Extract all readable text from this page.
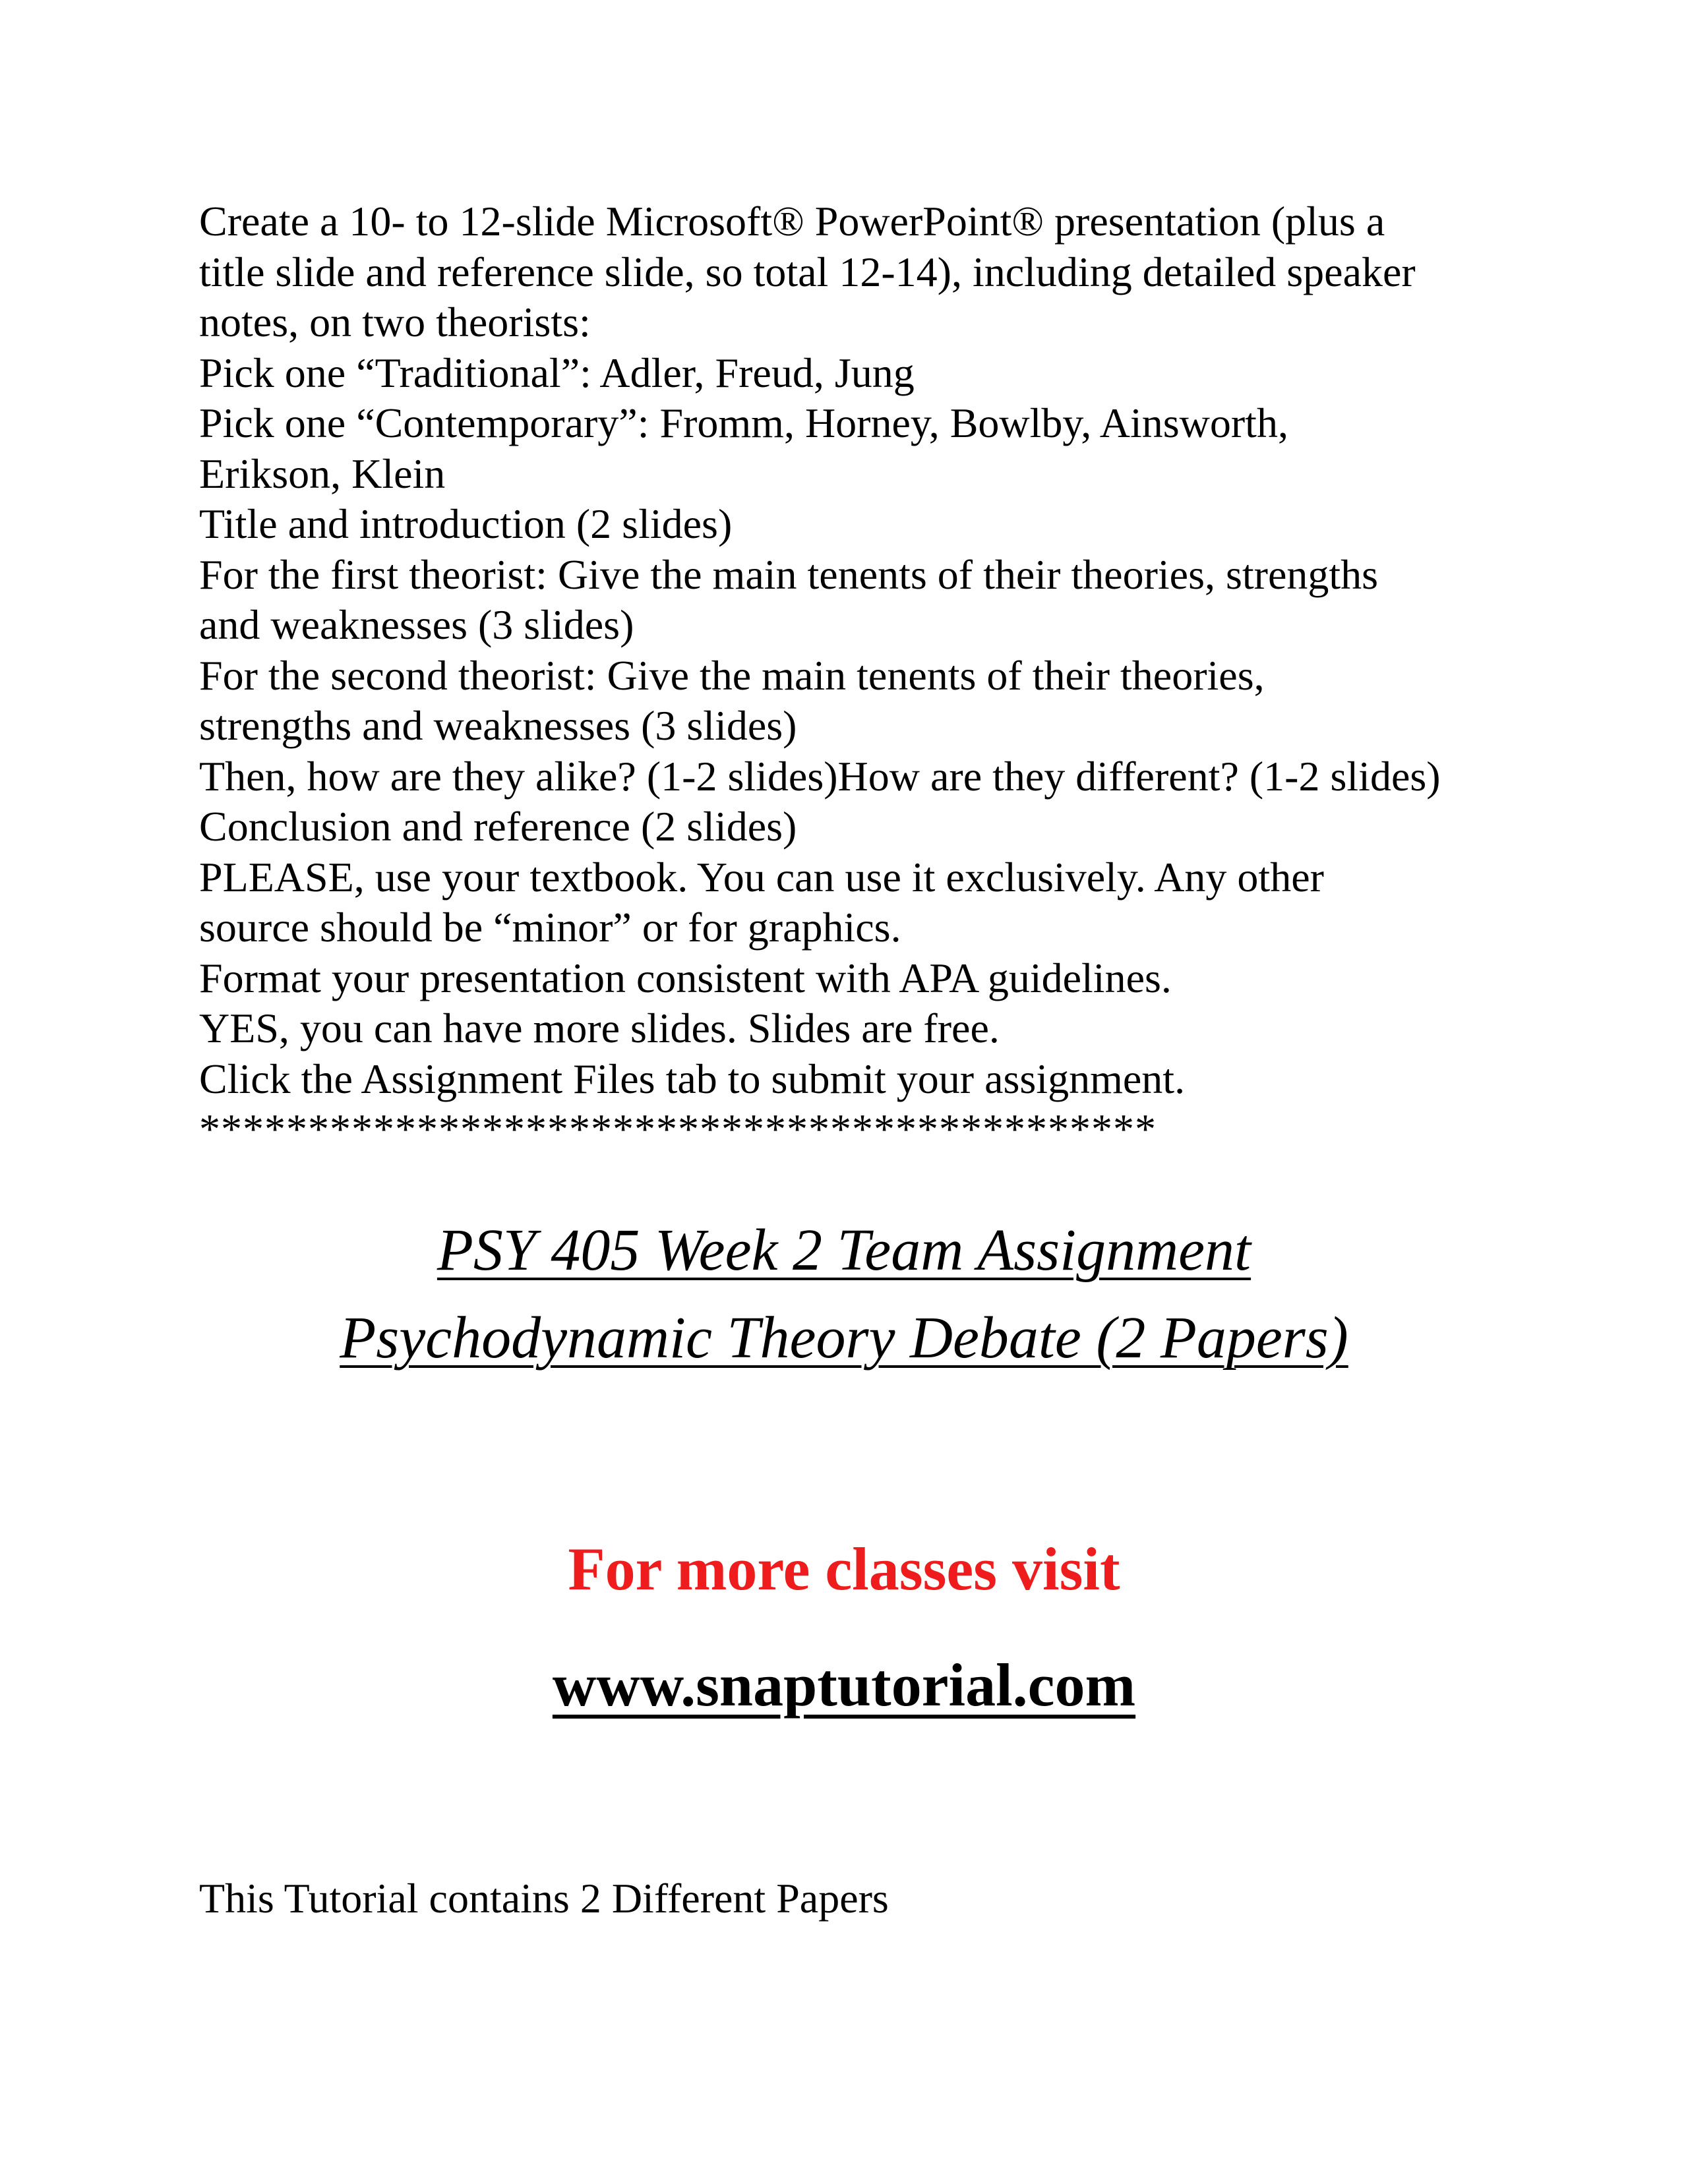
Create a 10- to 12-slide Microsoft® PowerPoint® presentation (plus a
title slide and reference slide, so total 12-14), including detailed speaker
notes, on two theorists:
Pick one “Traditional”: Adler, Freud, Jung
Pick one “Contemporary”: Fromm, Horney, Bowlby, Ainsworth,
Erikson, Klein
Title and introduction (2 slides)
For the first theorist: Give the main tenents of their theories, strengths
and weaknesses (3 slides)
For the second theorist: Give the main tenents of their theories,
strengths and weaknesses (3 slides)
Then, how are they alike? (1-2 slides)How are they different? (1-2 slides)
Conclusion and reference (2 slides)
PLEASE, use your textbook. You can use it exclusively. Any other
source should be “minor” or for graphics.
Format your presentation consistent with APA guidelines.
YES, you can have more slides. Slides are free.
Click the Assignment Files tab to submit your assignment.
********************************************
PSY 405 Week 2 Team Assignment
Psychodynamic Theory Debate (2 Papers)
For more classes visit
www.snaptutorial.com
This Tutorial contains 2 Different Papers
